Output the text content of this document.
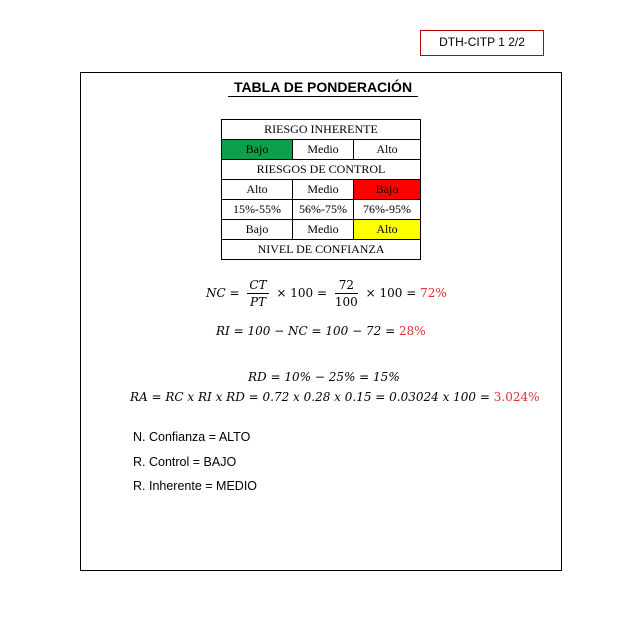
DTH-CITP 1 2/2
TABLA DE PONDERACIÓN
RIESGO INHERENTE		
Bajo	Medio	Alto
RIESGOS DE CONTROL		
Alto	Medio	Bajo
15%-55%	56%-75%	76%-95%
Bajo	Medio	Alto
NIVEL DE CONFIANZA		
NC = $\frac{CT}{PT} \times 100 = \frac{72}{100} \times 100 = 72\%$
RI = 100 − NC = 100 − 72 = 28%
RD = 10% − 25% = 15%
RA = RC x RI x RD = 0.72 x 0.28 x 0.15 = 0.03024 x 100 = 3.024%
N. Confianza = ALTO
R. Control = BAJO
R. Inherente = MEDIO
